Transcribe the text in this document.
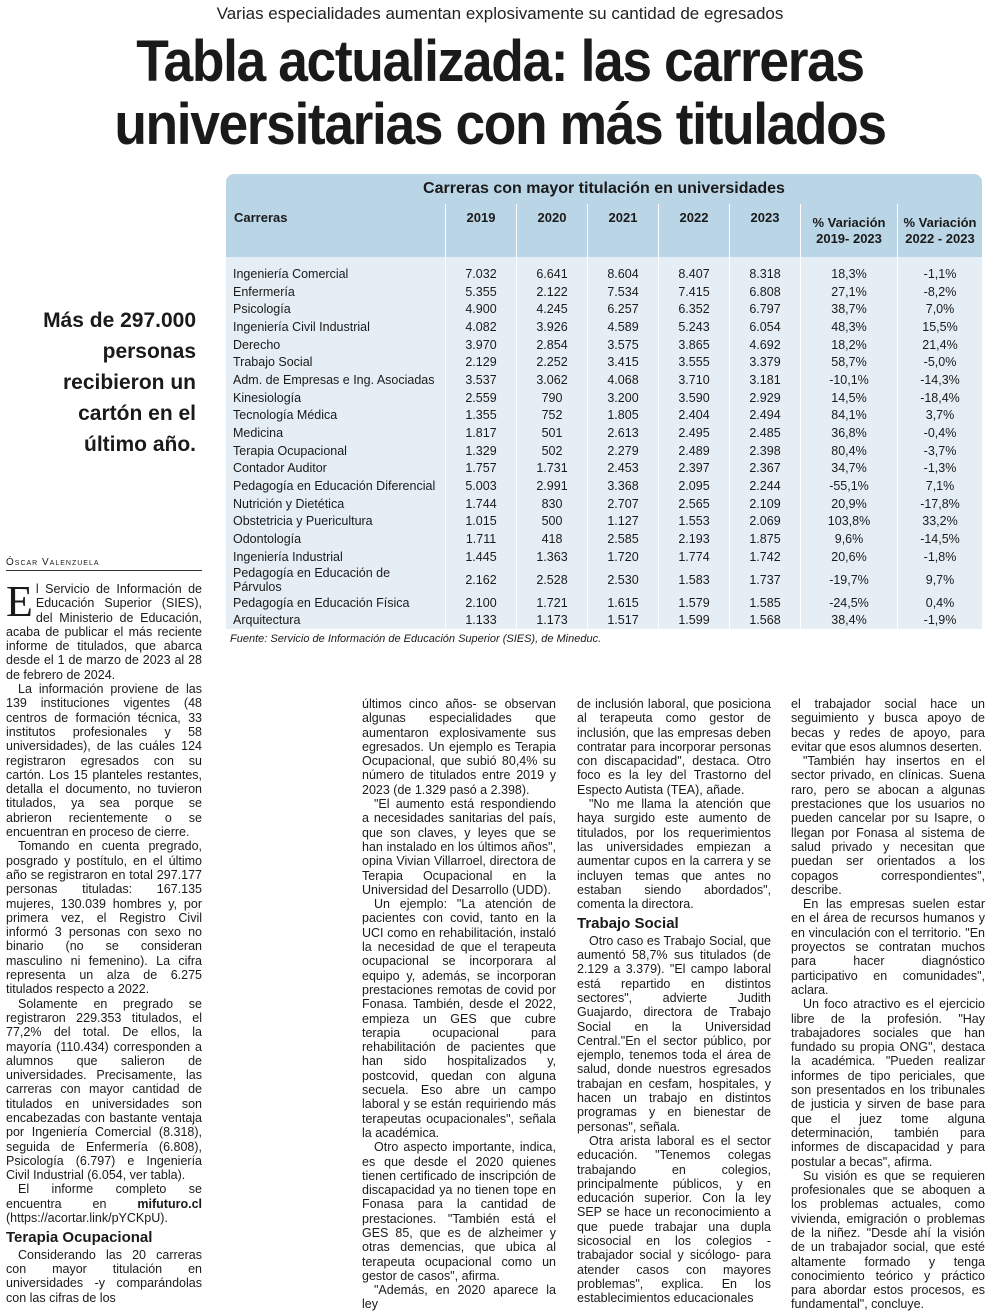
Varias especialidades aumentan explosivamente su cantidad de egresados
Tabla actualizada: las carreras
universitarias con más titulados
Más de 297.000 personas recibieron un cartón en el último año.
Carreras con mayor titulación en universidades
Carreras	2019	2020	2021	2022	2023	% Variación 2019- 2023	% Variación 2022 - 2023
Ingeniería Comercial	7.032	6.641	8.604	8.407	8.318	18,3%	-1,1%
Enfermería	5.355	2.122	7.534	7.415	6.808	27,1%	-8,2%
Psicología	4.900	4.245	6.257	6.352	6.797	38,7%	7,0%
Ingeniería Civil Industrial	4.082	3.926	4.589	5.243	6.054	48,3%	15,5%
Derecho	3.970	2.854	3.575	3.865	4.692	18,2%	21,4%
Trabajo Social	2.129	2.252	3.415	3.555	3.379	58,7%	-5,0%
Adm. de Empresas e Ing. Asociadas	3.537	3.062	4.068	3.710	3.181	-10,1%	-14,3%
Kinesiología	2.559	790	3.200	3.590	2.929	14,5%	-18,4%
Tecnología Médica	1.355	752	1.805	2.404	2.494	84,1%	3,7%
Medicina	1.817	501	2.613	2.495	2.485	36,8%	-0,4%
Terapia Ocupacional	1.329	502	2.279	2.489	2.398	80,4%	-3,7%
Contador Auditor	1.757	1.731	2.453	2.397	2.367	34,7%	-1,3%
Pedagogía en Educación Diferencial	5.003	2.991	3.368	2.095	2.244	-55,1%	7,1%
Nutrición y Dietética	1.744	830	2.707	2.565	2.109	20,9%	-17,8%
Obstetricia y Puericultura	1.015	500	1.127	1.553	2.069	103,8%	33,2%
Odontología	1.711	418	2.585	2.193	1.875	9,6%	-14,5%
Ingeniería Industrial	1.445	1.363	1.720	1.774	1.742	20,6%	-1,8%
Pedagogía en Educación de Párvulos	2.162	2.528	2.530	1.583	1.737	-19,7%	9,7%
Pedagogía en Educación Física	2.100	1.721	1.615	1.579	1.585	-24,5%	0,4%
Arquitectura	1.133	1.173	1.517	1.599	1.568	38,4%	-1,9%
Fuente: Servicio de Información de Educación Superior (SIES), de Mineduc.
Óscar Valenzuela

El Servicio de Información de Educación Superior (SIES), del Ministerio de Educación, acaba de publicar el más reciente informe de titulados, que abarca desde el 1 de marzo de 2023 al 28 de febrero de 2024.

La información proviene de las 139 instituciones vigentes (48 centros de formación técnica, 33 institutos profesionales y 58 universidades), de las cuáles 124 registraron egresados con su cartón. Los 15 planteles restantes, detalla el documento, no tuvieron titulados, ya sea porque se abrieron recientemente o se encuentran en proceso de cierre.

Tomando en cuenta pregrado, posgrado y postítulo, en el último año se registraron en total 297.177 personas tituladas: 167.135 mujeres, 130.039 hombres y, por primera vez, el Registro Civil informó 3 personas con sexo no binario (no se consideran masculino ni femenino). La cifra representa un alza de 6.275 titulados respecto a 2022.

Solamente en pregrado se registraron 229.353 titulados, el 77,2% del total. De ellos, la mayoría (110.434) corresponden a alumnos que salieron de universidades. Precisamente, las carreras con mayor cantidad de titulados en universidades son encabezadas con bastante ventaja por Ingeniería Comercial (8.318), seguida de Enfermería (6.808), Psicología (6.797) e Ingeniería Civil Industrial (6.054, ver tabla).

El informe completo se encuentra en mifuturo.cl (https://acortar.link/pYCKpU).

Terapia Ocupacional

Considerando las 20 carreras con mayor titulación en universidades -y comparándolas con las cifras de los

últimos cinco años- se observan algunas especialidades que aumentaron explosivamente sus egresados. Un ejemplo es Terapia Ocupacional, que subió 80,4% su número de titulados entre 2019 y 2023 (de 1.329 pasó a 2.398).

"El aumento está respondiendo a necesidades sanitarias del país, que son claves, y leyes que se han instalado en los últimos años", opina Vivian Villarroel, directora de Terapia Ocupacional en la Universidad del Desarrollo (UDD).

Un ejemplo: "La atención de pacientes con covid, tanto en la UCI como en rehabilitación, instaló la necesidad de que el terapeuta ocupacional se incorporara al equipo y, además, se incorporan prestaciones remotas de covid por Fonasa. También, desde el 2022, empieza un GES que cubre terapia ocupacional para rehabilitación de pacientes que han sido hospitalizados y, postcovid, quedan con alguna secuela. Eso abre un campo laboral y se están requiriendo más terapeutas ocupacionales", señala la académica.

Otro aspecto importante, indica, es que desde el 2020 quienes tienen certificado de inscripción de discapacidad ya no tienen tope en Fonasa para la cantidad de prestaciones. "También está el GES 85, que es de alzheimer y otras demencias, que ubica al terapeuta ocupacional como un gestor de casos", afirma.

"Además, en 2020 aparece la ley

de inclusión laboral, que posiciona al terapeuta como gestor de inclusión, que las empresas deben contratar para incorporar personas con discapacidad", destaca. Otro foco es la ley del Trastorno del Especto Autista (TEA), añade.

"No me llama la atención que haya surgido este aumento de titulados, por los requerimientos las universidades empiezan a aumentar cupos en la carrera y se incluyen temas que antes no estaban siendo abordados", comenta la directora.

Trabajo Social

Otro caso es Trabajo Social, que aumentó 58,7% sus titulados (de 2.129 a 3.379). "El campo laboral está repartido en distintos sectores", advierte Judith Guajardo, directora de Trabajo Social en la Universidad Central."En el sector público, por ejemplo, tenemos toda el área de salud, donde nuestros egresados trabajan en cesfam, hospitales, y hacen un trabajo en distintos programas y en bienestar de personas", señala.

Otra arista laboral es el sector educación. "Tenemos colegas trabajando en colegios, principalmente públicos, y en educación superior. Con la ley SEP se hace un reconocimiento a que puede trabajar una dupla sicosocial en los colegios -trabajador social y sicólogo- para atender casos con mayores problemas", explica. En los establecimientos educacionales

el trabajador social hace un seguimiento y busca apoyo de becas y redes de apoyo, para evitar que esos alumnos deserten.

"También hay insertos en el sector privado, en clínicas. Suena raro, pero se abocan a algunas prestaciones que los usuarios no pueden cancelar por su Isapre, o llegan por Fonasa al sistema de salud privado y necesitan que puedan ser orientados a los copagos correspondientes", describe.

En las empresas suelen estar en el área de recursos humanos y en vinculación con el territorio. "En proyectos se contratan muchos para hacer diagnóstico participativo en comunidades", aclara.

Un foco atractivo es el ejercicio libre de la profesión. "Hay trabajadores sociales que han fundado su propia ONG", destaca la académica. "Pueden realizar informes de tipo periciales, que son presentados en los tribunales de justicia y sirven de base para que el juez tome alguna determinación, también para informes de discapacidad y para postular a becas", afirma.

Su visión es que se requieren profesionales que se aboquen a los problemas actuales, como vivienda, emigración o problemas de la niñez. "Desde ahí la visión de un trabajador social, que esté altamente formado y tenga conocimiento teórico y práctico para abordar estos procesos, es fundamental", concluye.
